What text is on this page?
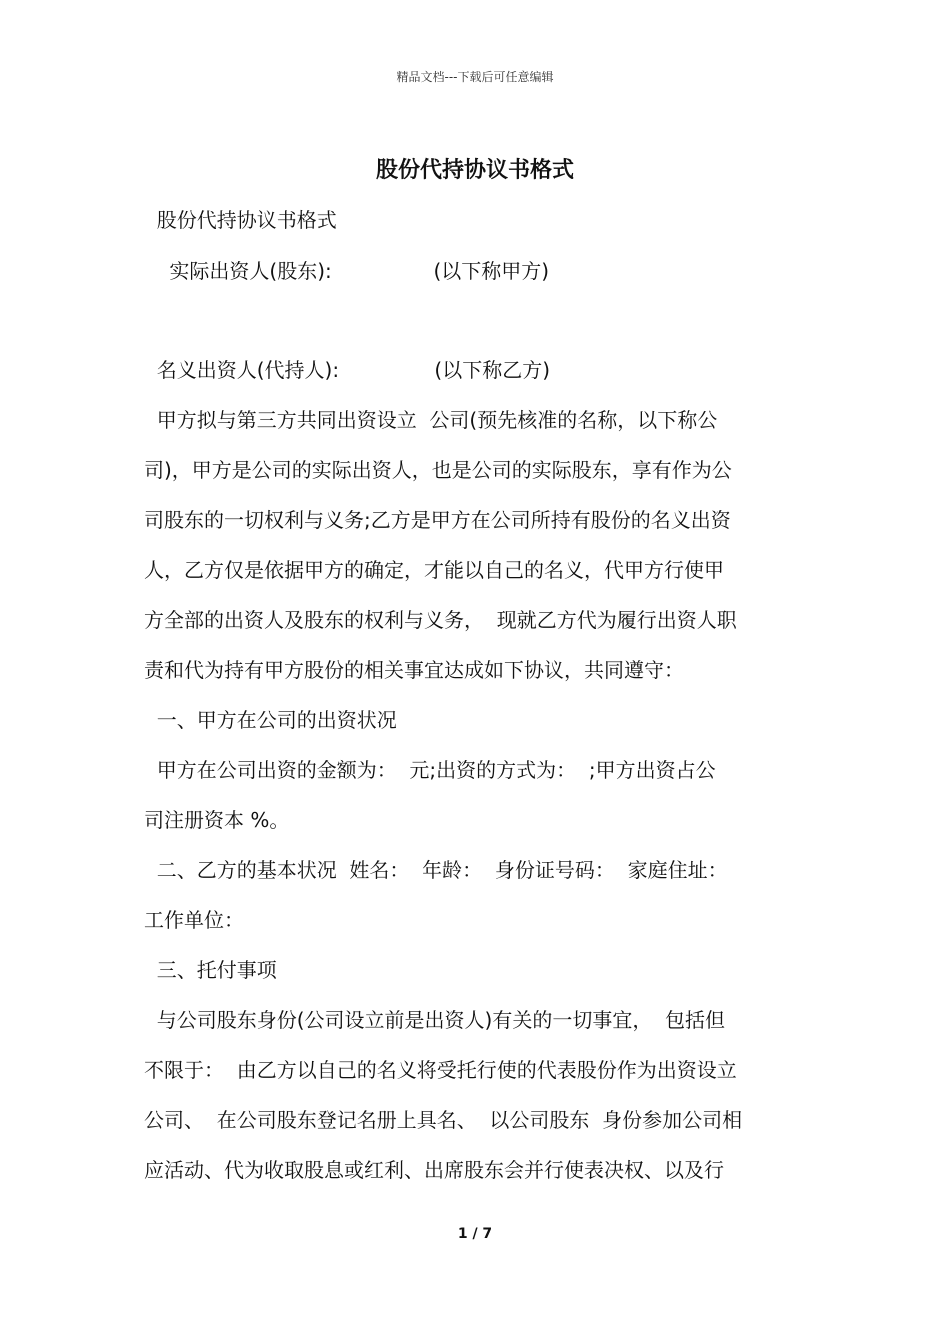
精品文档---下载后可任意编辑
股份代持协议书格式
股份代持协议书格式
实际出资人(股东):                (以下称甲方)
名义出资人(代持人):               (以下称乙方)
甲方拟与第三方共同出资设立  公司(预先核准的名称，以下称公
司)，甲方是公司的实际出资人，也是公司的实际股东，享有作为公
司股东的一切权利与义务;乙方是甲方在公司所持有股份的名义出资
人，乙方仅是依据甲方的确定，才能以自己的名义，代甲方行使甲
方全部的出资人及股东的权利与义务，  现就乙方代为履行出资人职
责和代为持有甲方股份的相关事宜达成如下协议，共同遵守：
一、甲方在公司的出资状况
甲方在公司出资的金额为：  元;出资的方式为：  ;甲方出资占公
司注册资本 %。
二、乙方的基本状况  姓名：  年龄：  身份证号码：  家庭住址：
工作单位：
三、托付事项
与公司股东身份(公司设立前是出资人)有关的一切事宜，  包括但
不限于：  由乙方以自己的名义将受托行使的代表股份作为出资设立
公司、  在公司股东登记名册上具名、  以公司股东  身份参加公司相
应活动、代为收取股息或红利、出席股东会并行使表决权、以及行
1 / 7
